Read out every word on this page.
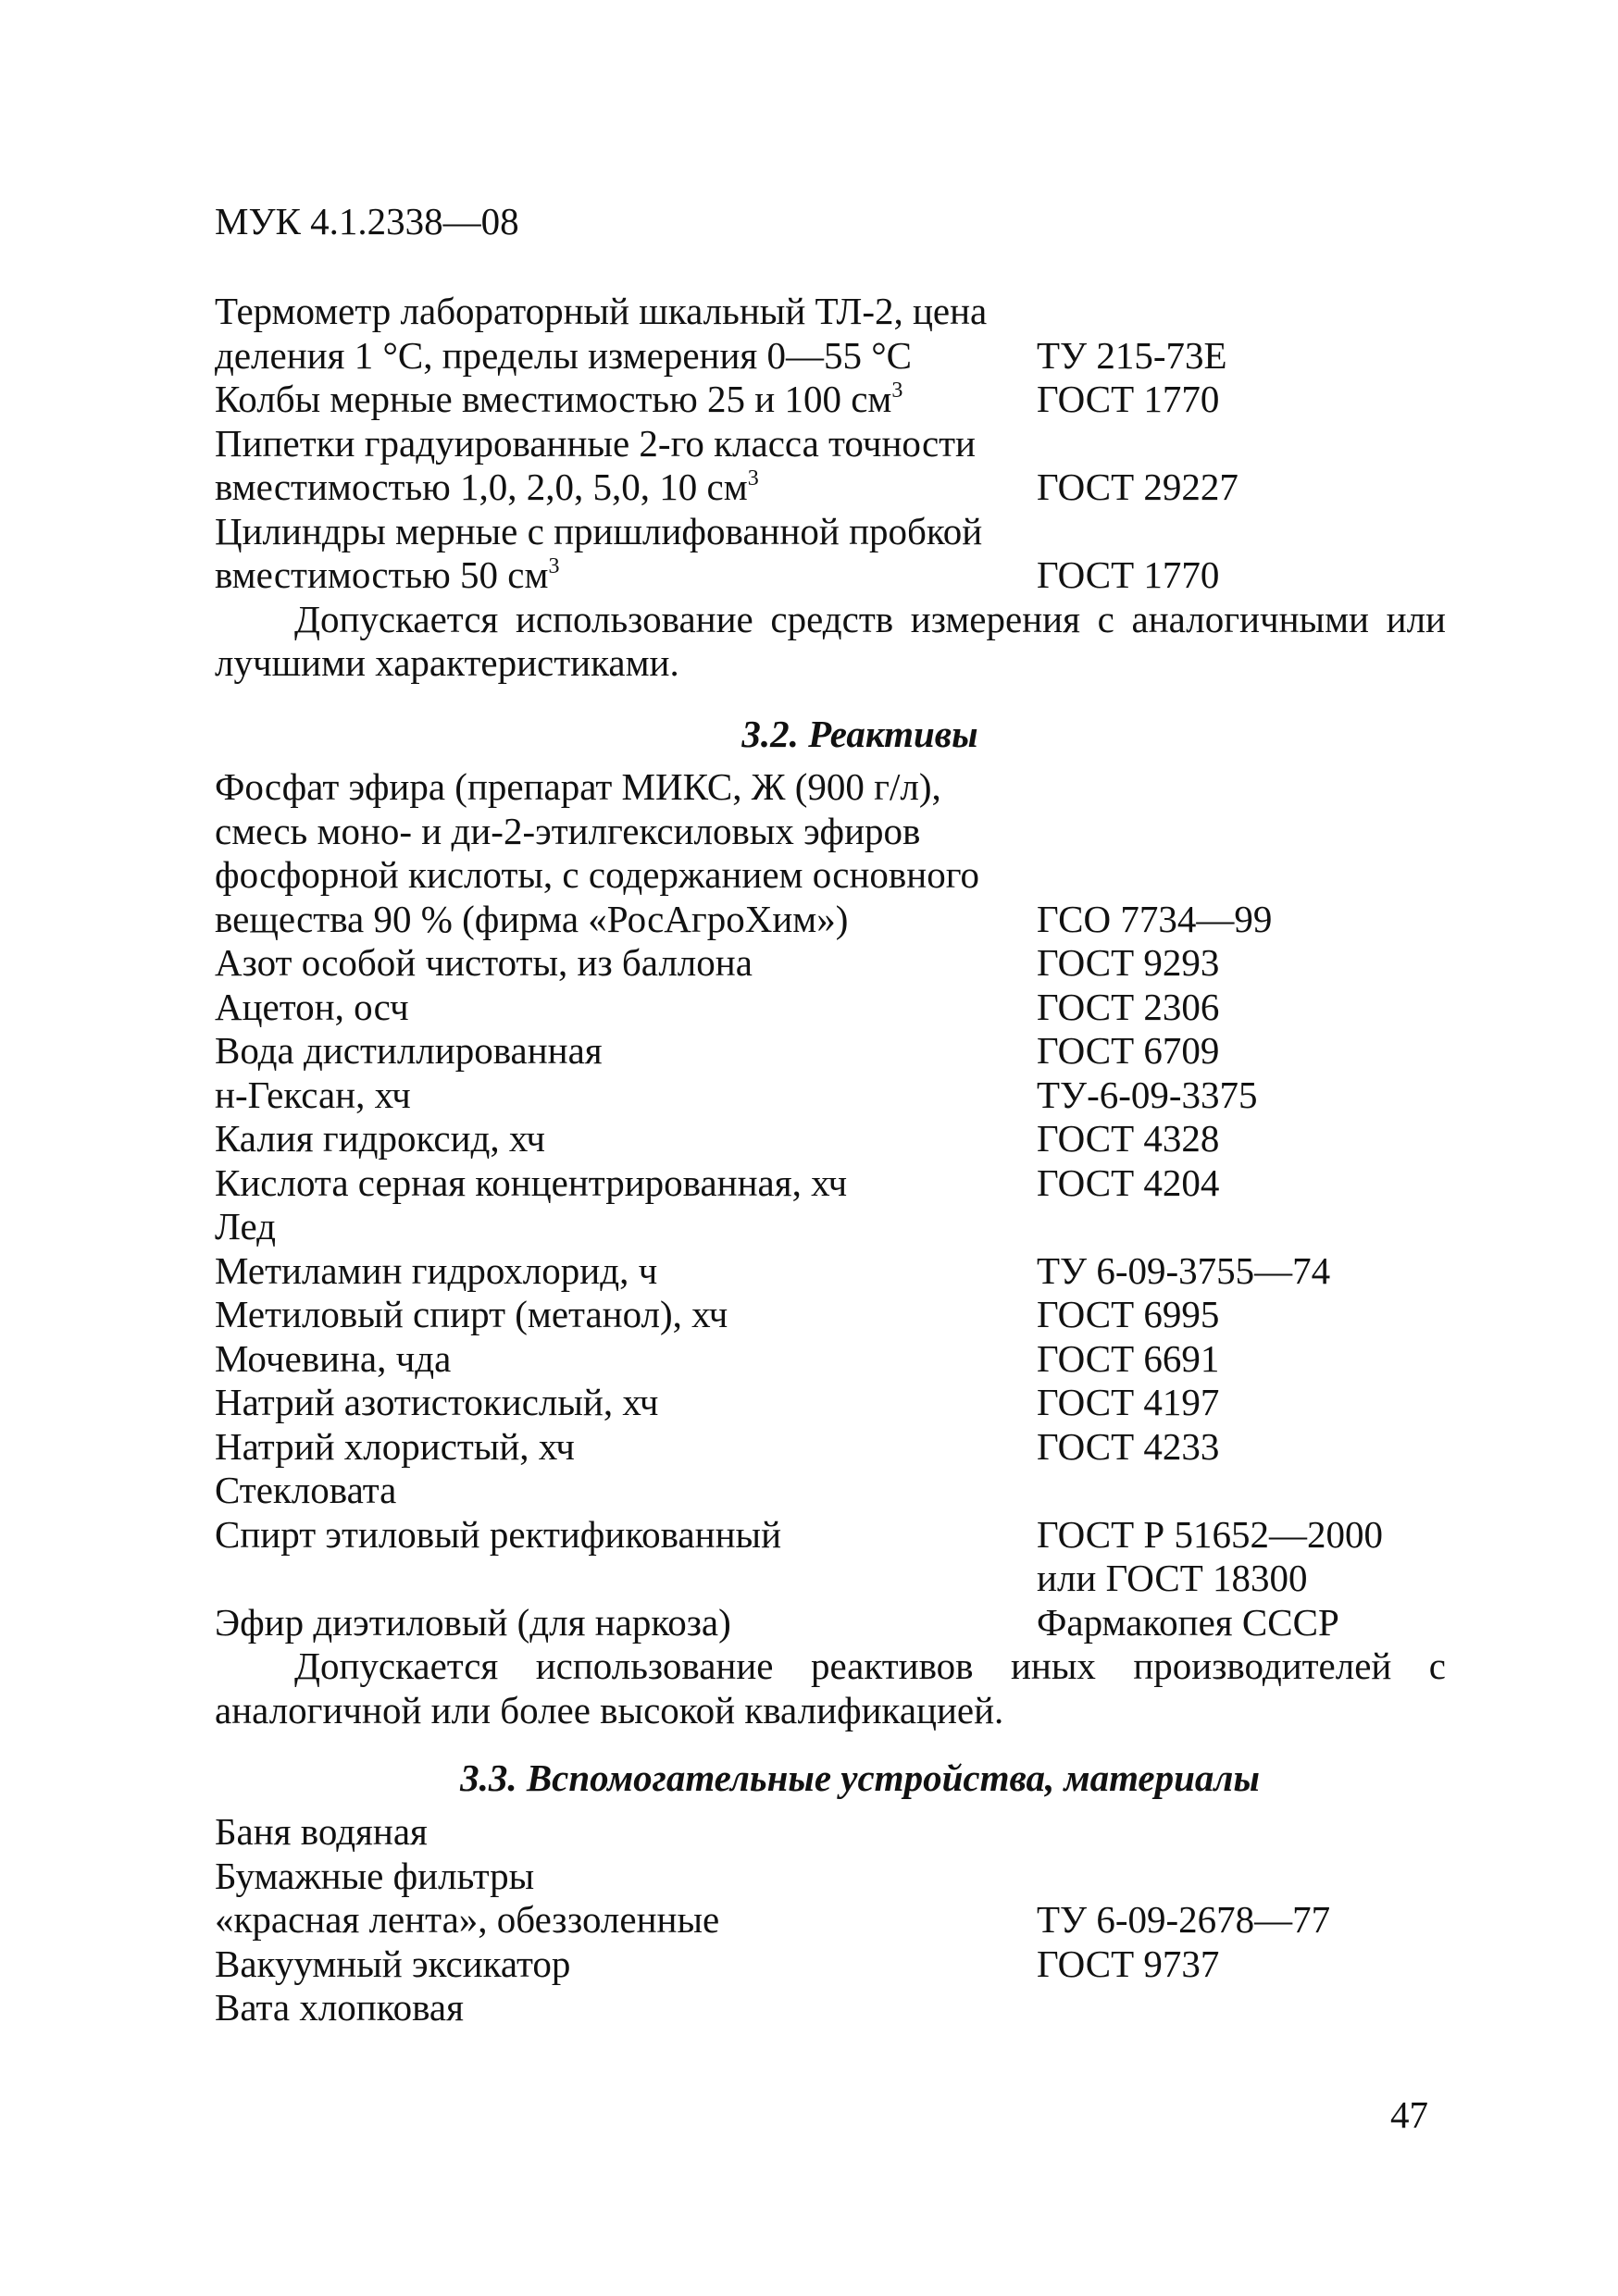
МУК 4.1.2338—08
Термометр лабораторный шкальный ТЛ-2, цена
деления 1 °С, пределы измерения 0—55 °С	ТУ 215-73Е
Колбы мерные вместимостью 25 и 100 $см^3$	ГОСТ 1770
Пипетки градуированные 2-го класса точности
вместимостью 1,0, 2,0, 5,0, 10 $см^3$	ГОСТ 29227
Цилиндры мерные с пришлифованной пробкой
вместимостью 50 $см^3$	ГОСТ 1770
Допускается использование средств измерения с аналогичными или лучшими характеристиками.
3.2. Реактивы
Фосфат эфира (препарат МИКС, Ж (900 г/л),
смесь моно- и ди-2-этилгексиловых эфиров
фосфорной кислоты, с содержанием основного
вещества 90 % (фирма «РосАгроХим»)	ГСО 7734—99
Азот особой чистоты, из баллона	ГОСТ 9293
Ацетон, осч	ГОСТ 2306
Вода дистиллированная	ГОСТ 6709
н-Гексан, хч	ТУ-6-09-3375
Калия гидроксид, хч	ГОСТ 4328
Кислота серная концентрированная, хч	ГОСТ 4204
Лед
Метиламин гидрохлорид, ч	ТУ 6-09-3755—74
Метиловый спирт (метанол), хч	ГОСТ 6995
Мочевина, чда	ГОСТ 6691
Натрий азотистокислый, хч	ГОСТ 4197
Натрий хлористый, хч	ГОСТ 4233
Стекловата
Спирт этиловый ректификованный	ГОСТ Р 51652—2000

или ГОСТ 18300
Эфир диэтиловый (для наркоза)	Фармакопея СССР
Допускается использование реактивов иных производителей с аналогичной или более высокой квалификацией.
3.3. Вспомогательные устройства, материалы
Баня водяная
Бумажные фильтры
«красная лента», обеззоленные	ТУ 6-09-2678—77
Вакуумный эксикатор	ГОСТ 9737
Вата хлопковая
47
